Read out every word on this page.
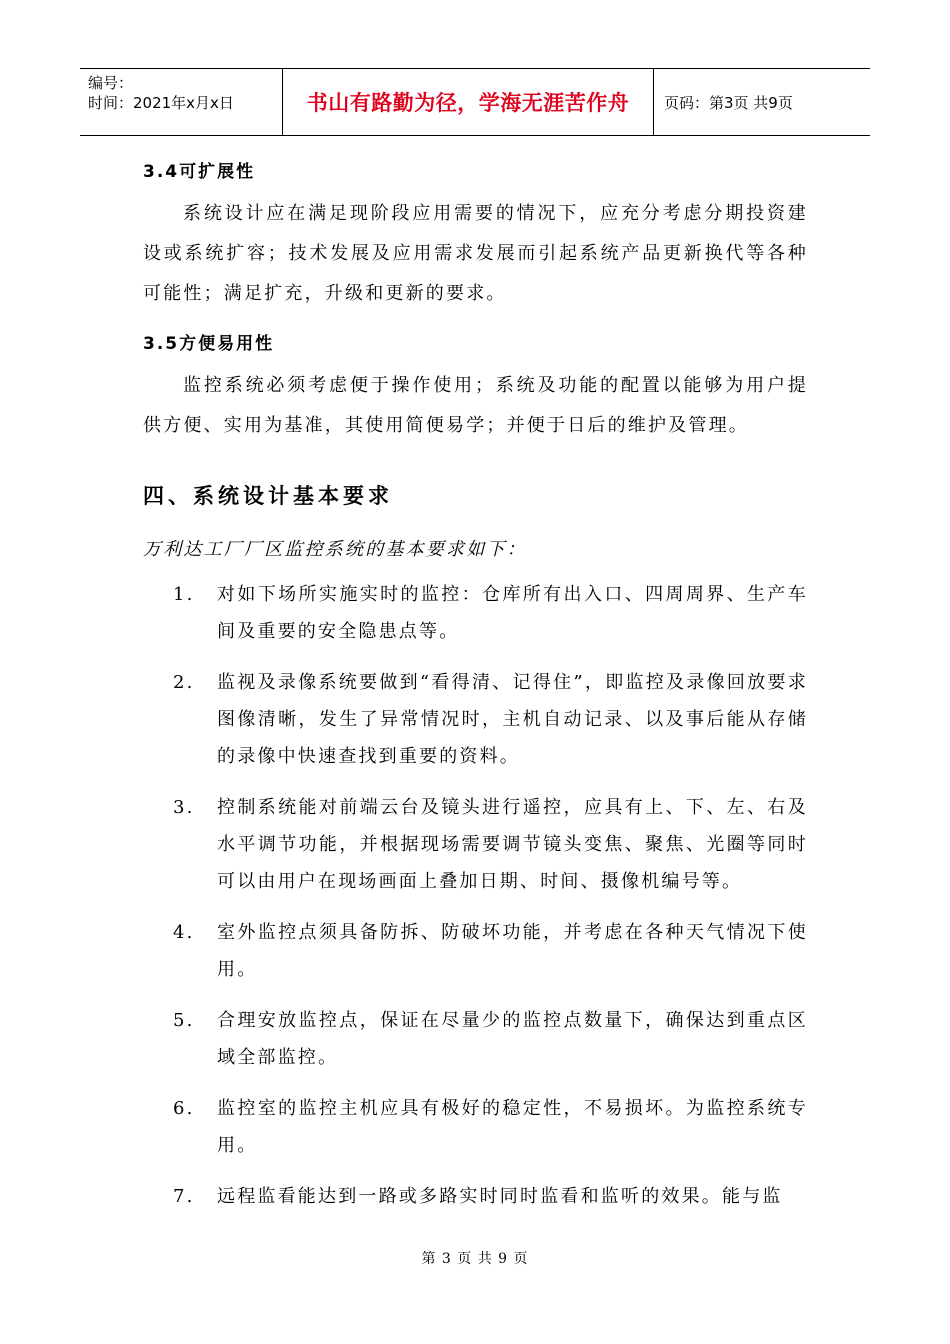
编号：
时间：2021年x月x日	书山有路勤为径，学海无涯苦作舟	页码：第3页 共9页
3.4可扩展性

系统设计应在满足现阶段应用需要的情况下，应充分考虑分期投资建设或系统扩容；技术发展及应用需求发展而引起系统产品更新换代等各种可能性；满足扩充，升级和更新的要求。

3.5方便易用性

监控系统必须考虑便于操作使用；系统及功能的配置以能够为用户提供方便、实用为基准，其使用简便易学；并便于日后的维护及管理。

四、系统设计基本要求

万利达工厂厂区监控系统的基本要求如下：

1.	对如下场所实施实时的监控：仓库所有出入口、四周周界、生产车间及重要的安全隐患点等。
2.	监视及录像系统要做到“看得清、记得住”，即监控及录像回放要求图像清晰，发生了异常情况时，主机自动记录、以及事后能从存储的录像中快速查找到重要的资料。
3.	控制系统能对前端云台及镜头进行遥控，应具有上、下、左、右及水平调节功能，并根据现场需要调节镜头变焦、聚焦、光圈等同时可以由用户在现场画面上叠加日期、时间、摄像机编号等。
4.	室外监控点须具备防拆、防破坏功能，并考虑在各种天气情况下使用。
5.	合理安放监控点，保证在尽量少的监控点数量下，确保达到重点区域全部监控。
6.	监控室的监控主机应具有极好的稳定性，不易损坏。为监控系统专用。
7.	远程监看能达到一路或多路实时同时监看和监听的效果。能与监
第 3 页 共 9 页
